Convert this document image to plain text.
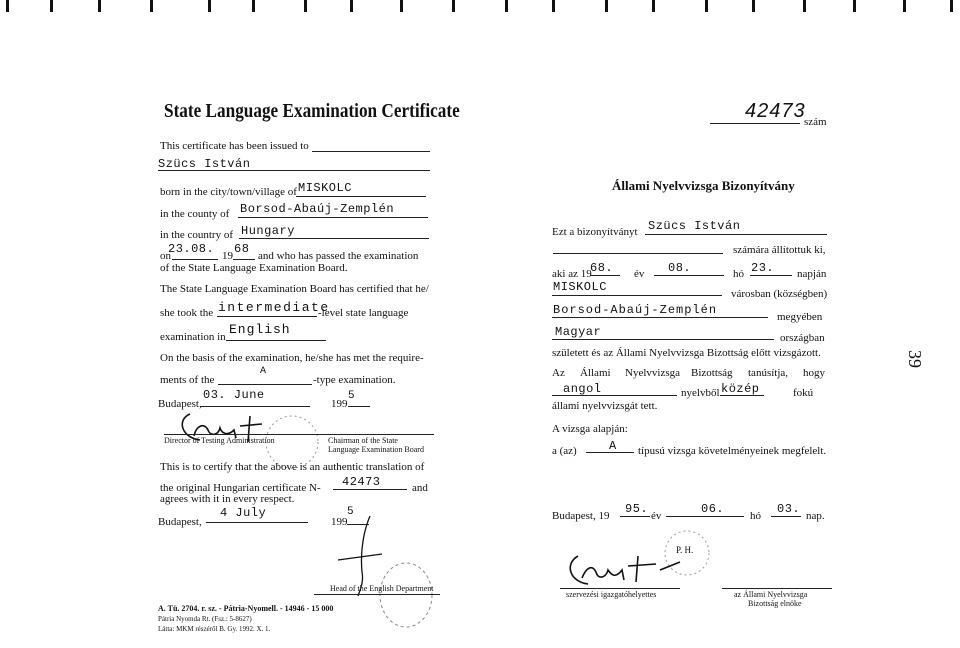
39
State Language Examination Certificate
This certificate has been issued to
Szücs István
born in the city/town/village of MISKOLC
in the county of Borsod-Abaúj-Zemplén
in the country of Hungary
on
23.08. 19 68 and who has passed the examination
of the State Language Examination Board.
The State Language Examination Board has certified that he/
she took the intermediate
-level state language
examination in English
On the basis of the examination, he/she has met the require-
ments of the
A
-type examination.
Budapest,
03. June
199
5
Director of Testing Administration	Chairman of the State
Language Examination Board
This is to certify that the above is an authentic translation of
the original Hungarian certificate N- 42473	and
agrees with it in every respect.
Budapest,
4 July
199
5
Head of the English Department
A. Tü. 2704. r. sz. - Pátria-Nyomell. - 14946 - 15 000
Pátria Nyomda Rt. (Fsz.: 5-8627)
Látta: MKM részéről B. Gy. 1992. X. 1.
42473
szám
Állami Nyelvvizsga Bizonyítvány
Ezt a bizonyítványt Szücs István
számára állítottuk ki,
aki az 19
68. év 08.	hó 23. napján
MISKOLC	városban (községben)
Borsod-Abaúj-Zemplén	megyében
Magyar	országban
született és az Állami Nyelvvizsga Bizottság előtt vizsgázott.
Az Állami Nyelvvizsga Bizottság tanúsítja, hogy
angol	nyelvből közép	fokú
állami nyelvvizsgát tett.
A vizsga alapján:
a (az)	A típusú vizsga követelményeinek megfelelt.
Budapest, 19 95. év	06. hó 03. nap.
P. H.
szervezési igazgatóhelyettes	az Állami Nyelvvizsga
Bizottság elnöke
